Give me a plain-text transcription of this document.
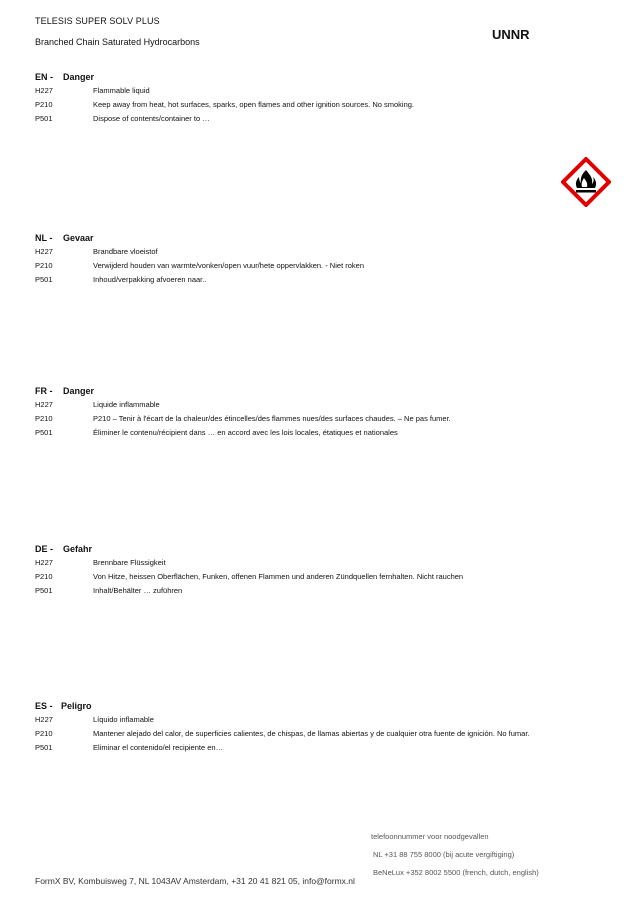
TELESIS SUPER SOLV PLUS
Branched Chain Saturated Hydrocarbons	UNNR
EN - Danger
H227	Flammable liquid
P210	Keep away from heat, hot surfaces, sparks, open flames and other ignition sources. No smoking.
P501	Dispose of contents/container to …
NL - Gevaar
H227	Brandbare vloeistof
P210	Verwijderd houden van warmte/vonken/open vuur/hete oppervlakken. - Niet roken
P501	Inhoud/verpakking afvoeren naar..
FR - Danger
H227	Liquide inflammable
P210	P210 – Tenir à l'écart de la chaleur/des étincelles/des flammes nues/des surfaces chaudes. – Ne pas fumer.
P501	Éliminer le contenu/récipient dans … en accord avec les lois locales, étatiques et nationales
DE - Gefahr
H227	Brennbare Flüssigkeit
P210	Von Hitze, heissen Oberflächen, Funken, offenen Flammen und anderen Zündquellen fernhalten. Nicht rauchen
P501	Inhalt/Behälter … zuführen
ES - Peligro
H227	Líquido inflamable
P210	Mantener alejado del calor, de superficies calientes, de chispas, de llamas abiertas y de cualquier otra fuente de ignición. No fumar.
P501	Eliminar el contenido/el recipiente en…
telefoonnummer voor noodgevallen
NL +31 88 755 8000 (bij acute vergiftiging)
BeNeLux +352 8002 5500 (french, dutch, english)
FormX BV, Kombuisweg 7, NL 1043AV Amsterdam, +31 20 41 821 05, info@formx.nl
